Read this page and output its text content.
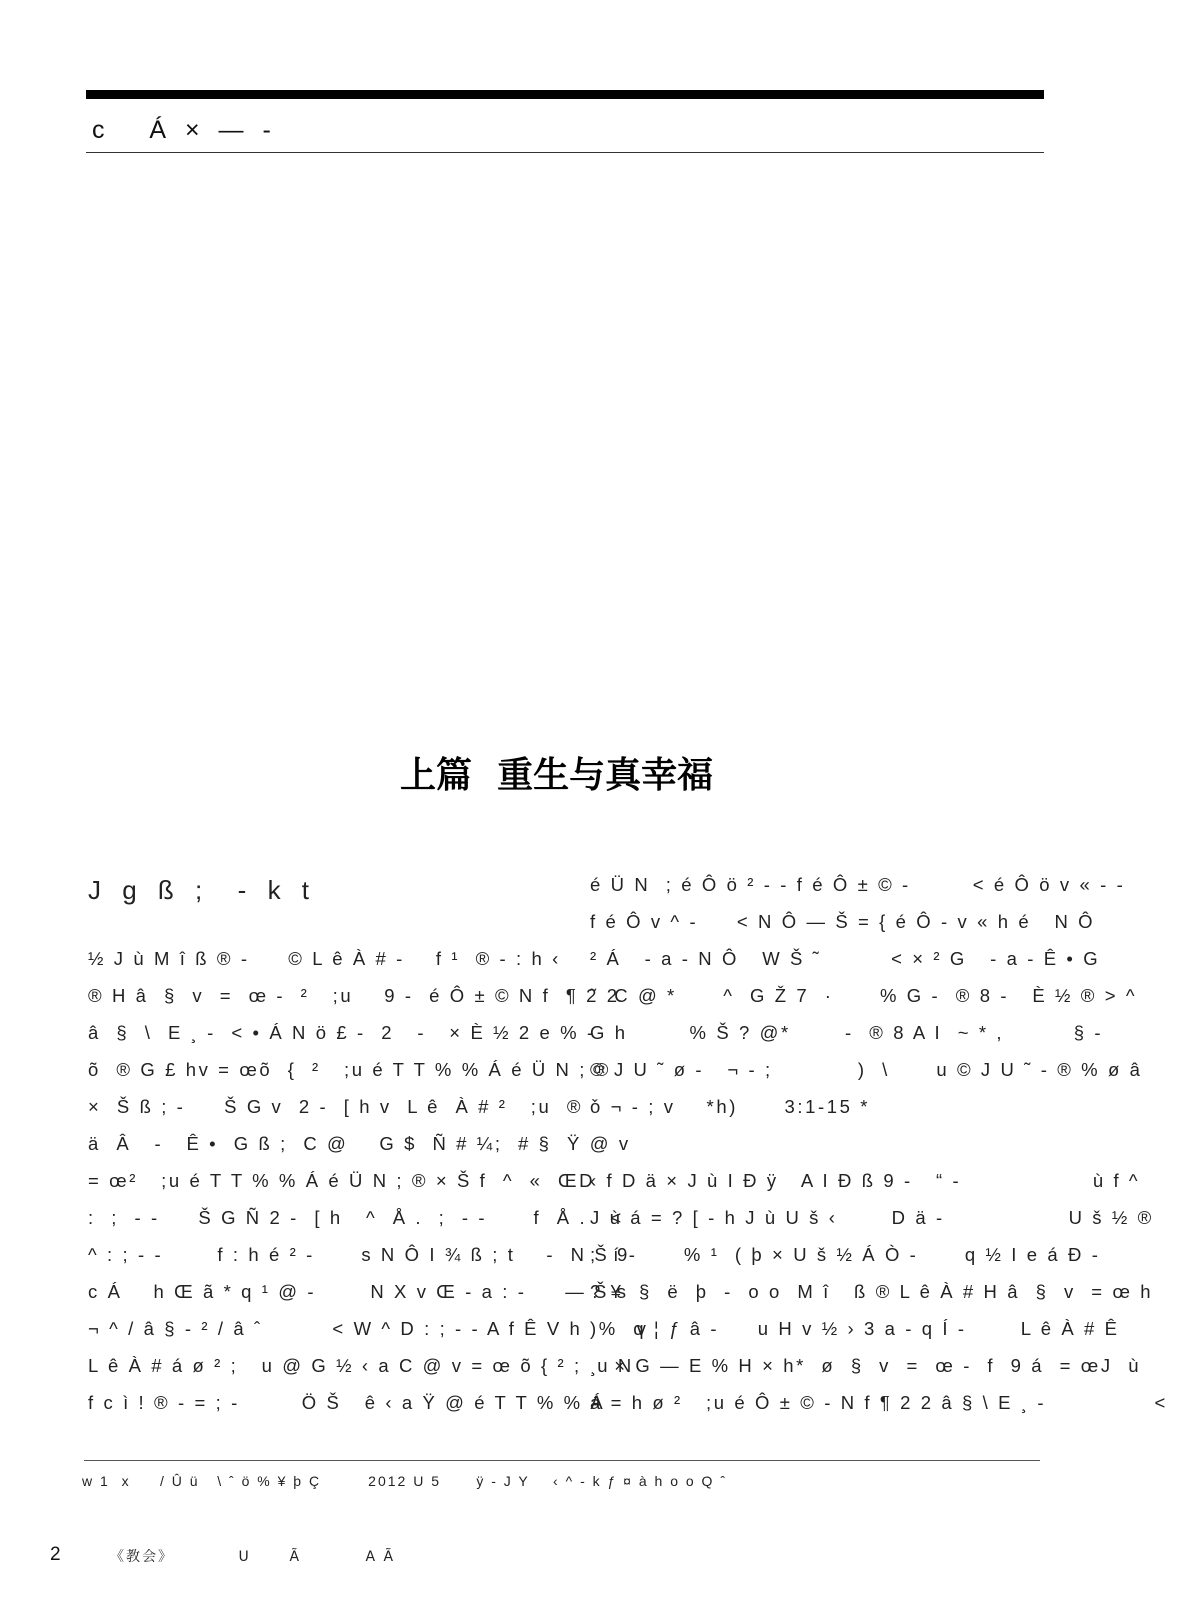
c   Á × — -
上篇  重生与真幸福
J g ß ;  - k t
½ J ù M î ß ® -     © L ê À # -    f ¹  ® - : h ‹
® H â  §  v  =  œ -  ²   ;u    9 -  é Ô ± © N f  ¶ 2 2
â  §  \  E ¸ -  < • Á N ö £ -  2   -   × È ½ 2 e % -
õ  ® G £ hv = œõ  {  ²   ;u é T T % % Á é Ü N ; ®
×  Š ß ; -     Š G v  2 -  [ h v  L ê  À # ²   ;u  ® `
ä  Â   -   Ê •  G ß ;  C @    G $  Ñ # ¼;  # §  Ÿ @ v
= œ²   ;u é T T % % Á é Ü N ; ® × Š f  ^  «  ŒD
:  ;  - -     Š G Ñ 2 -  [ h   ^  Å .  ;  - -      f  Å .   <
^ : ; - -       f : h é ² -      s N Ô I ¾ ß ; t    -  N Š 9
c Á    h Œ ã * q ¹ @ -       N X v Œ - a : -     — Š s
¬ ^ / â § - ² / â ˆ         < W ^ D : ; - - A f Ê V h       v
L ê À # á ø ² ;   u @ G ½ ‹ a C @ v = œ õ { ² ;  u N
f c ì ! ® - = ; -        Ö Š   ê ‹ a Ÿ @ é T T % % Á
é Ü N  ; é Ô ö ² - - f é Ô ± © -        < é Ô ö v « - -
f é Ô v ^ -     < N Ô — Š = { é Ô - v « h é   N Ô
² Á   - a - N Ô   W Š ˜         < × ² G   - a - Ê • G
˜  C @ *      ^  G Ž 7  ·      % G -  ® 8 -   È ½ ® > ^
G h        % Š ? @*       -  ® 8 A I  ~ * ,         § -
© J U ˜ ø -   ¬ - ;           )  \      u © J U ˜ - ® % ø â
ó ¬ - ; v    *h)      3:1-15 *
‹ f D ä × J ù I Ð ÿ   A I Ð ß 9 -   “ -                 ù f ^
J ù á = ? [ - h J ù U š ‹       D ä -                U š ½ ®
;  í -      % ¹  ( þ × U š ½ Á Ò -      q ½ I e á Ð -
? ¥  §  ë  þ  -  o o  M î   ß ® L ê À # H â  §  v  = œ h
)%  q ¦ ƒ â -     u H v ½ › 3 a - q Í -       L ê À # Ê
¸  × G — E % H × h*  ø  §  v  =  œ -  f  9 á  = œJ  ù
á = h ø ²   ;u é Ô ± © - N f ¶ 2 2 â § \ E ¸ -              <
w 1  x     / Û ü   \ ˆ ö % ¥ þ Ç        2012 U 5      ÿ - J Y    ‹ ^ - k ƒ ¤ à h o o Q ˆ
2	《教会》          U      Ã          A Ã
